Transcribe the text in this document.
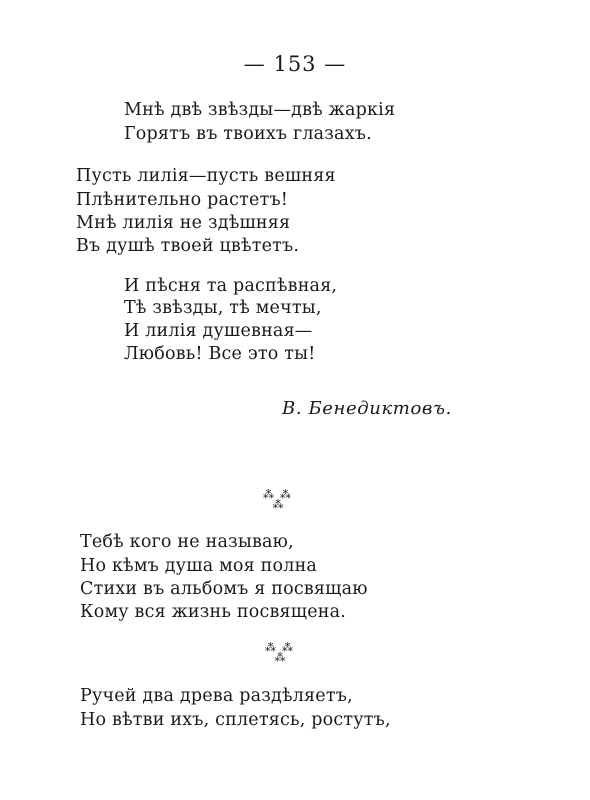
— 153 —
Мнѣ двѣ звѣзды—двѣ жаркія
Горятъ въ твоихъ глазахъ.
Пусть лилія—пусть вешняя
Плѣнительно растетъ!
Мнѣ лилія не здѣшняя
Въ душѣ твоей цвѣтетъ.
И пѣсня та распѣвная,
Тѣ звѣзды, тѣ мечты,
И лилія душевная—
Любовь! Все это ты!
В. Бенедиктовъ.
⁂⁂
⁂
Тебѣ кого не называю,
Но кѣмъ душа моя полна
Стихи въ альбомъ я посвящаю
Кому вся жизнь посвящена.
⁂⁂
⁂
Ручей два древа раздѣляетъ,
Но вѣтви ихъ, сплетясь, ростутъ,
